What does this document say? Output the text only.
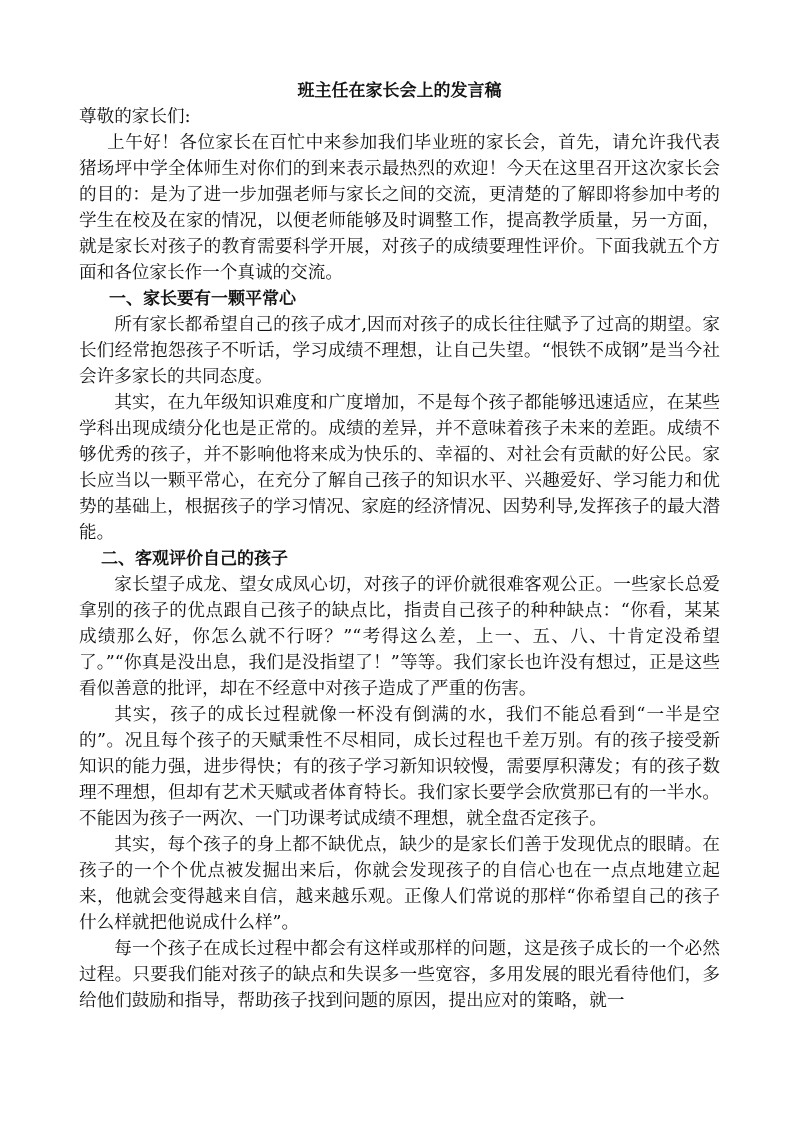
班主任在家长会上的发言稿

尊敬的家长们:

上午好！各位家长在百忙中来参加我们毕业班的家长会，首先，请允许我代表猪场坪中学全体师生对你们的到来表示最热烈的欢迎！今天在这里召开这次家长会的目的：是为了进一步加强老师与家长之间的交流，更清楚的了解即将参加中考的学生在校及在家的情况，以便老师能够及时调整工作，提高教学质量，另一方面，就是家长对孩子的教育需要科学开展，对孩子的成绩要理性评价。下面我就五个方面和各位家长作一个真诚的交流。

一、家长要有一颗平常心

所有家长都希望自己的孩子成才,因而对孩子的成长往往赋予了过高的期望。家长们经常抱怨孩子不听话，学习成绩不理想，让自己失望。“恨铁不成钢”是当今社会许多家长的共同态度。

其实，在九年级知识难度和广度增加，不是每个孩子都能够迅速适应，在某些学科出现成绩分化也是正常的。成绩的差异，并不意味着孩子未来的差距。成绩不够优秀的孩子，并不影响他将来成为快乐的、幸福的、对社会有贡献的好公民。家长应当以一颗平常心，在充分了解自己孩子的知识水平、兴趣爱好、学习能力和优势的基础上，根据孩子的学习情况、家庭的经济情况、因势利导,发挥孩子的最大潜能。

二、客观评价自己的孩子

家长望子成龙、望女成凤心切，对孩子的评价就很难客观公正。一些家长总爱拿别的孩子的优点跟自己孩子的缺点比，指责自己孩子的种种缺点：“你看，某某成绩那么好，你怎么就不行呀？”“考得这么差，上一、五、八、十肯定没希望了。”“你真是没出息，我们是没指望了！”等等。我们家长也许没有想过，正是这些看似善意的批评，却在不经意中对孩子造成了严重的伤害。

其实，孩子的成长过程就像一杯没有倒满的水，我们不能总看到“一半是空的”。况且每个孩子的天赋秉性不尽相同，成长过程也千差万别。有的孩子接受新知识的能力强，进步得快；有的孩子学习新知识较慢，需要厚积薄发；有的孩子数理不理想，但却有艺术天赋或者体育特长。我们家长要学会欣赏那已有的一半水。不能因为孩子一两次、一门功课考试成绩不理想，就全盘否定孩子。

其实，每个孩子的身上都不缺优点，缺少的是家长们善于发现优点的眼睛。在孩子的一个个优点被发掘出来后，你就会发现孩子的自信心也在一点点地建立起来，他就会变得越来自信，越来越乐观。正像人们常说的那样“你希望自己的孩子什么样就把他说成什么样”。

每一个孩子在成长过程中都会有这样或那样的问题，这是孩子成长的一个必然过程。只要我们能对孩子的缺点和失误多一些宽容，多用发展的眼光看待他们，多给他们鼓励和指导，帮助孩子找到问题的原因，提出应对的策略，就一
